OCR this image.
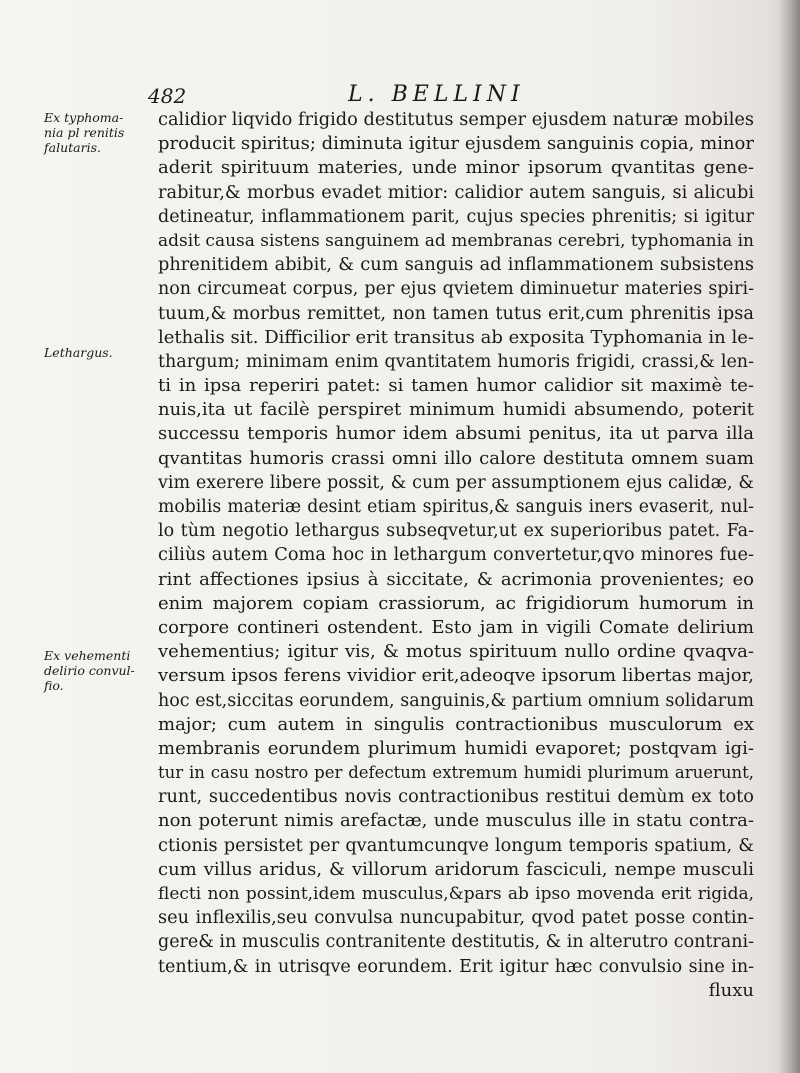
482	L. BELLINI
Ex typhoma-
nia pl renitis
falutaris.
Lethargus.
Ex vehementi
delirio convul-
fio.
calidior liqvido frigido destitutus semper ejusdem naturæ mobiles
producit spiritus; diminuta igitur ejusdem sanguinis copia, minor
aderit spirituum materies, unde minor ipsorum qvantitas gene-
rabitur,& morbus evadet mitior: calidior autem sanguis, si alicubi
detineatur, inflammationem parit, cujus species phrenitis; si igitur
adsit causa sistens sanguinem ad membranas cerebri, typhomania in
phrenitidem abibit, & cum sanguis ad inflammationem subsistens
non circumeat corpus, per ejus qvietem diminuetur materies spiri-
tuum,& morbus remittet, non tamen tutus erit,cum phrenitis ipsa
lethalis sit. Difficilior erit transitus ab exposita Typhomania in le-
thargum; minimam enim qvantitatem humoris frigidi, crassi,& len-
ti in ipsa reperiri patet: si tamen humor calidior sit maximè te-
nuis,ita ut facilè perspiret minimum humidi absumendo, poterit
successu temporis humor idem absumi penitus, ita ut parva illa
qvantitas humoris crassi omni illo calore destituta omnem suam
vim exerere libere possit, & cum per assumptionem ejus calidæ, &
mobilis materiæ desint etiam spiritus,& sanguis iners evaserit, nul-
lo tùm negotio lethargus subseqvetur,ut ex superioribus patet. Fa-
ciliùs autem Coma hoc in lethargum convertetur,qvo minores fue-
rint affectiones ipsius à siccitate, & acrimonia provenientes; eo
enim majorem copiam crassiorum, ac frigidiorum humorum in
corpore contineri ostendent. Esto jam in vigili Comate delirium
vehementius; igitur vis, & motus spirituum nullo ordine qvaqva-
versum ipsos ferens vividior erit,adeoqve ipsorum libertas major,
hoc est,siccitas eorundem, sanguinis,& partium omnium solidarum
major; cum autem in singulis contractionibus musculorum ex
membranis eorundem plurimum humidi evaporet; postqvam igi-
tur in casu nostro per defectum extremum humidi plurimum aruerunt,
runt, succedentibus novis contractionibus restitui demùm ex toto
non poterunt nimis arefactæ, unde musculus ille in statu contra-
ctionis persistet per qvantumcunqve longum temporis spatium, &
cum villus aridus, & villorum aridorum fasciculi, nempe musculi
flecti non possint,idem musculus,&pars ab ipso movenda erit rigida,
seu inflexilis,seu convulsa nuncupabitur, qvod patet posse contin-
gere& in musculis contranitente destitutis, & in alterutro contrani-
tentium,& in utrisqve eorundem. Erit igitur hæc convulsio sine in-
fluxu
